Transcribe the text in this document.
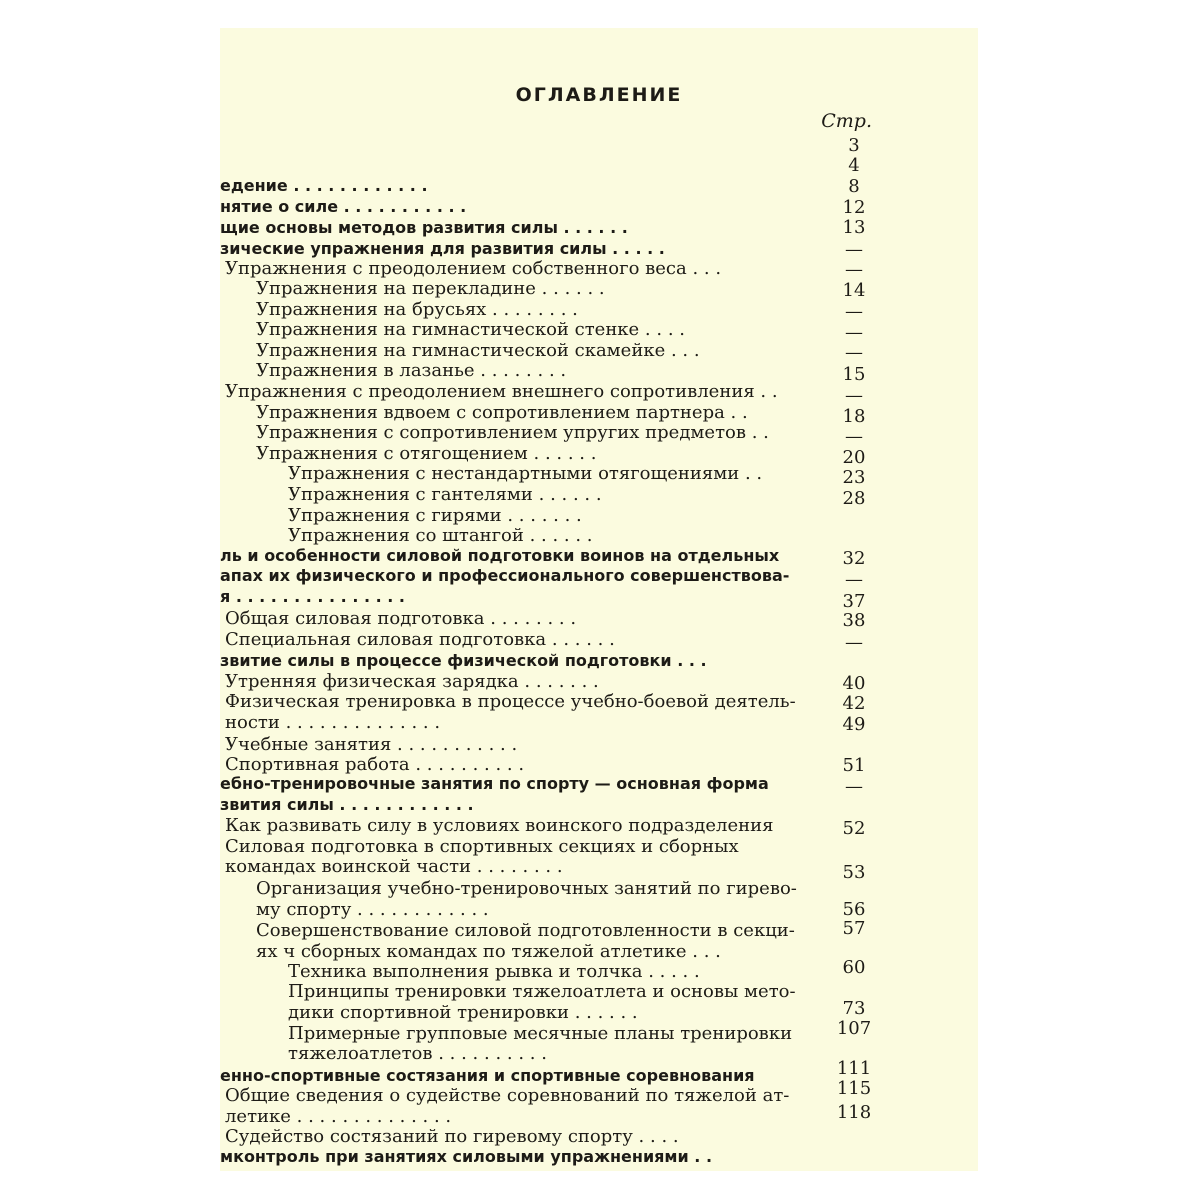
ОГЛАВЛЕНИЕ
Стр.
едение . . . . . . . . . . . .
нятие о силе . . . . . . . . . . .
щие основы методов развития силы . . . . . .
зические упражнения для развития силы . . . . .
Упражнения с преодолением собственного веса . . .
Упражнения на перекладине . . . . . .
Упражнения на брусьях . . . . . . . .
Упражнения на гимнастической стенке . . . .
Упражнения на гимнастической скамейке . . .
Упражнения в лазанье . . . . . . . .
Упражнения с преодолением внешнего сопротивления . .
Упражнения вдвоем с сопротивлением партнера . .
Упражнения с сопротивлением упругих предметов . .
Упражнения с отягощением . . . . . .
Упражнения с нестандартными отягощениями . .
Упражнения с гантелями . . . . . .
Упражнения с гирями . . . . . . .
Упражнения со штангой . . . . . .
ль и особенности силовой подготовки воинов на отдельных
апах их физического и профессионального совершенствова-
я . . . . . . . . . . . . . . .
Общая силовая подготовка . . . . . . . .
Специальная силовая подготовка . . . . . .
звитие силы в процессе физической подготовки . . .
Утренняя физическая зарядка . . . . . . .
Физическая тренировка в процессе учебно-боевой деятель-
ности . . . . . . . . . . . . . .
Учебные занятия . . . . . . . . . . .
Спортивная работа . . . . . . . . . .
ебно-тренировочные занятия по спорту — основная форма
звития силы . . . . . . . . . . . .
Как развивать силу в условиях воинского подразделения
Силовая подготовка в спортивных секциях и сборных
командах воинской части . . . . . . . .
Организация учебно-тренировочных занятий по гирево-
му спорту . . . . . . . . . . . .
Совершенствование силовой подготовленности в секци-
ях ч сборных командах по тяжелой атлетике . . .
Техника выполнения рывка и толчка . . . . .
Принципы тренировки тяжелоатлета и основы мето-
дики спортивной тренировки . . . . . .
Примерные групповые месячные планы тренировки
тяжелоатлетов . . . . . . . . . .
енно-спортивные состязания и спортивные соревнования
Общие сведения о судействе соревнований по тяжелой ат-
летике . . . . . . . . . . . . . .
Судейство состязаний по гиревому спорту . . . .
мконтроль при занятиях силовыми упражнениями . .
3
4
8
12
13
—
—
14
—
—
—
15
—
18
—
20
23
28
32
—
37
38
—
40
42
49
51
—
52
53
56
57
60
73
107
111
115
118
